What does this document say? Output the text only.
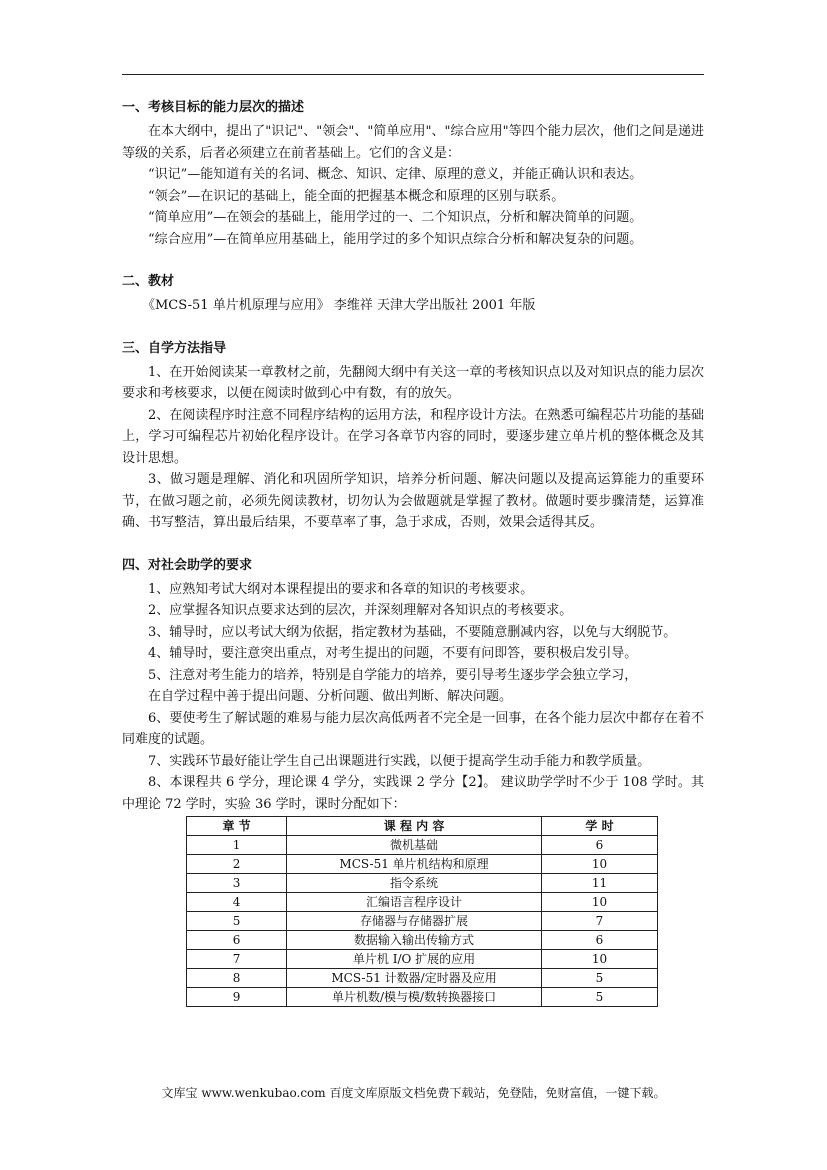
一、考核目标的能力层次的描述

在本大纲中，提出了"识记"、"领会"、"简单应用"、"综合应用"等四个能力层次，他们之间是递进等级的关系，后者必须建立在前者基础上。它们的含义是：

“识记”—能知道有关的名词、概念、知识、定律、原理的意义，并能正确认识和表达。

“领会”—在识记的基础上，能全面的把握基本概念和原理的区别与联系。

“简单应用”—在领会的基础上，能用学过的一、二个知识点，分析和解决简单的问题。

“综合应用”—在简单应用基础上，能用学过的多个知识点综合分析和解决复杂的问题。

二、教材

《MCS-51 单片机原理与应用》 李维祥 天津大学出版社 2001 年版

三、自学方法指导

1、在开始阅读某一章教材之前，先翻阅大纲中有关这一章的考核知识点以及对知识点的能力层次要求和考核要求，以便在阅读时做到心中有数，有的放矢。

2、在阅读程序时注意不同程序结构的运用方法，和程序设计方法。在熟悉可编程芯片功能的基础上，学习可编程芯片初始化程序设计。在学习各章节内容的同时，要逐步建立单片机的整体概念及其设计思想。

3、做习题是理解、消化和巩固所学知识，培养分析问题、解决问题以及提高运算能力的重要环节，在做习题之前，必须先阅读教材，切勿认为会做题就是掌握了教材。做题时要步骤清楚，运算准确、书写整洁，算出最后结果，不要草率了事，急于求成，否则，效果会适得其反。

四、对社会助学的要求

1、应熟知考试大纲对本课程提出的要求和各章的知识的考核要求。

2、应掌握各知识点要求达到的层次，并深刻理解对各知识点的考核要求。

3、辅导时，应以考试大纲为依据，指定教材为基础，不要随意删减内容，以免与大纲脱节。

4、辅导时，要注意突出重点，对考生提出的问题，不要有问即答，要积极启发引导。

5、注意对考生能力的培养，特别是自学能力的培养，要引导考生逐步学会独立学习，

在自学过程中善于提出问题、分析问题、做出判断、解决问题。

6、要使考生了解试题的难易与能力层次高低两者不完全是一回事，在各个能力层次中都存在着不同难度的试题。

7、实践环节最好能让学生自己出课题进行实践，以便于提高学生动手能力和教学质量。

8、本课程共 6 学分，理论课 4 学分，实践课 2 学分【2】。 建议助学学时不少于 108 学时。其中理论 72 学时，实验 36 学时，课时分配如下：

章 节	课 程 内 容	学 时
1	微机基础	6
2	MCS-51 单片机结构和原理	10
3	指令系统	11
4	汇编语言程序设计	10
5	存储器与存储器扩展	7
6	数据输入输出传输方式	6
7	单片机 I/O 扩展的应用	10
8	MCS-51 计数器/定时器及应用	5
9	单片机数/模与模/数转换器接口	5
文库宝 www.wenkubao.com 百度文库原版文档免费下载站，免登陆，免财富值，一键下载。
